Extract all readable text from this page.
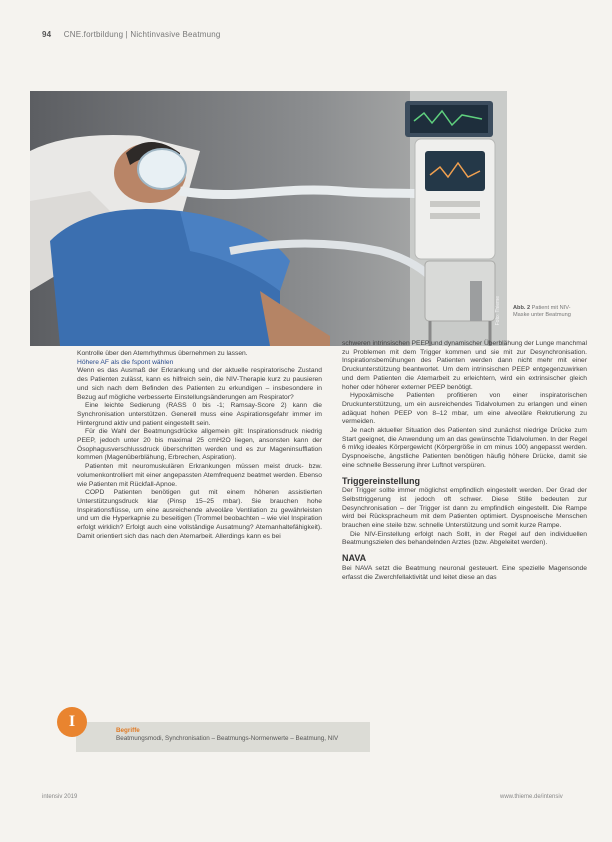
94 CNE.fortbildung | Nichtinvasive Beatmung
Foto: Thieme Abb. 2 Patient mit NIV-Maske unter Beatmung

Kontrolle über den Atemrhythmus übernehmen zu lassen.

Höhere AF als die fspont wählen

Wenn es das Ausmaß der Erkrankung und der aktuelle respiratorische Zustand des Patienten zulässt, kann es hilfreich sein, die NIV-Therapie kurz zu pausieren und sich nach dem Befinden des Patienten zu erkundigen – insbesondere in Bezug auf mögliche verbesserte Einstellungsänderungen am Respirator?

Eine leichte Sedierung (RASS 0 bis -1; Ramsay-Score 2) kann die Synchronisation unterstützen. Generell muss eine Aspirationsgefahr immer im Hintergrund aktiv und patient eingestellt sein.

Für die Wahl der Beatmungsdrücke allgemein gilt: Inspirationsdruck niedrig PEEP, jedoch unter 20 bis maximal 25 cmH2O liegen, ansonsten kann der Ösophagusverschlussdruck überschritten werden und es zur Mageninsufflation kommen (Magenüberblähung, Erbrechen, Aspiration).

Patienten mit neuromuskulären Erkrankungen müssen meist druck- bzw. volumenkontrolliert mit einer angepassten Atemfrequenz beatmet werden. Ebenso wie Patienten mit Rückfall-Apnoe.

COPD Patienten benötigen gut mit einem höheren assistierten Unterstützungsdruck klar (Pinsp 15–25 mbar). Sie brauchen hohe Inspirationsflüsse, um eine ausreichende alveoläre Ventilation zu gewährleisten und um die Hyperkapnie zu beseitigen (Trommel beobachten – wie viel Inspiration erfolgt wirklich? Erfolgt auch eine vollständige Ausatmung? Atemanhaltefähigkeit). Damit orientiert sich das nach den Atemarbeit. Allerdings kann es bei

schweren intrinsischen PEEP und dynamischer Überblähung der Lunge manchmal zu Problemen mit dem Trigger kommen und sie mit zur Desynchronisation. Inspirationsbemühungen des Patienten werden dann nicht mehr mit einer Druckunterstützung beantwortet. Um dem intrinsischen PEEP entgegenzuwirken und dem Patienten die Atemarbeit zu erleichtern, wird ein extrinsischer gleich hoher oder höherer externer PEEP benötigt.

Hypoxämische Patienten profitieren von einer inspiratorischen Druckunterstützung, um ein ausreichendes Tidalvolumen zu erlangen und einen adäquat hohen PEEP von 8–12 mbar, um eine alveoläre Rekrutierung zu vermeiden.

Je nach aktueller Situation des Patienten sind zunächst niedrige Drücke zum Start geeignet, die Anwendung um an das gewünschte Tidalvolumen. In der Regel 6 ml/kg ideales Körpergewicht (Körpergröße in cm minus 100) angepasst werden. Dyspnoeische, ängstliche Patienten benötigen häufig höhere Drücke, damit sie eine schnelle Besserung ihrer Luftnot verspüren.

Triggereinstellung

Der Trigger sollte immer möglichst empfindlich eingestellt werden. Der Grad der Selbsttriggerung ist jedoch oft schwer. Diese Stille bedeuten zur Desynchronisation – der Trigger ist dann zu empfindlich eingestellt. Die Rampe wird bei Rückspracheum mit dem Patienten optimiert. Dyspnoeische Menschen brauchen eine steile bzw. schnelle Unterstützung und somit kurze Rampe.

Die NIV-Einstellung erfolgt nach Sollt, in der Regel auf den individuellen Beatmungszielen des behandelnden Arztes (bzw. Abgeleitet werden).

NAVA

Bei NAVA setzt die Beatmung neuronal gesteuert. Eine spezielle Magensonde erfasst die Zwerchfellaktivität und leitet diese an das

Begriffe
Beatmungsmodi, Synchronisation – Beatmungs-Normenwerte – Beatmung, NIV
I
intensiv 2019	www.thieme.de/intensiv
